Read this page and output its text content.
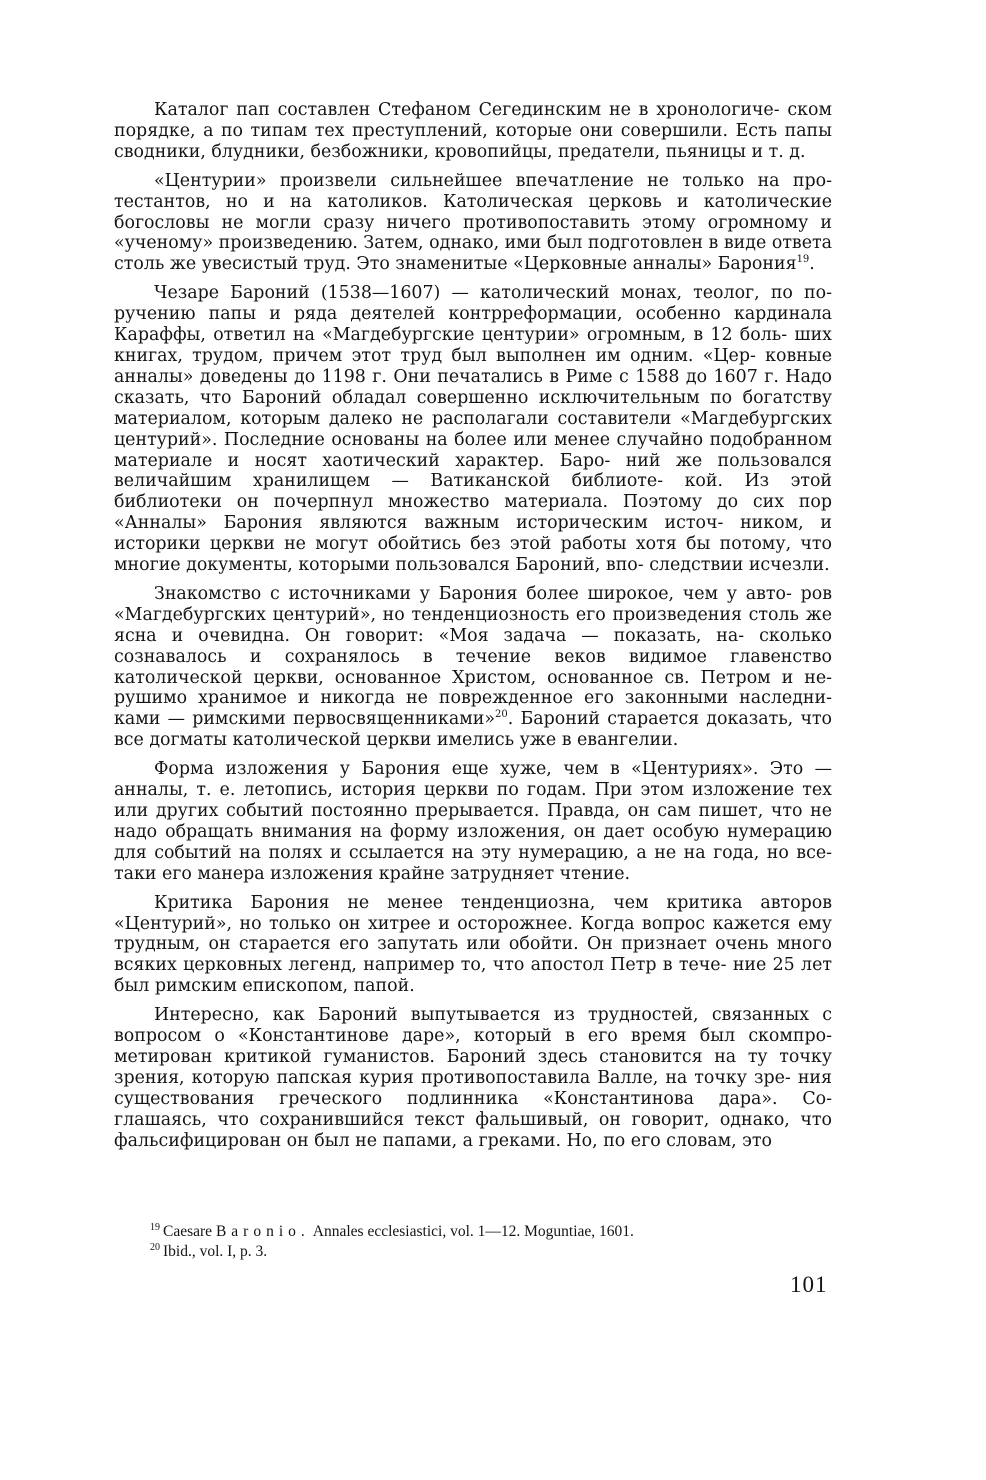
Каталог пап составлен Стефаном Сегединским не в хронологиче- ском порядке, а по типам тех преступлений, которые они совершили. Есть папы сводники, блудники, безбожники, кровопийцы, предатели, пьяницы и т. д.

«Центурии» произвели сильнейшее впечатление не только на про- тестантов, но и на католиков. Католическая церковь и католические богословы не могли сразу ничего противопоставить этому огромному и «ученому» произведению. Затем, однако, ими был подготовлен в виде ответа столь же увесистый труд. Это знаменитые «Церковные анналы» Барония$^{19}$.

Чезаре Бароний (1538—1607) — католический монах, теолог, по по- ручению папы и ряда деятелей контрреформации, особенно кардинала Караффы, ответил на «Магдебургские центурии» огромным, в 12 боль- ших книгах, трудом, причем этот труд был выполнен им одним. «Цер- ковные анналы» доведены до 1198 г. Они печатались в Риме с 1588 до 1607 г. Надо сказать, что Бароний обладал совершенно исключительным по богатству материалом, которым далеко не располагали составители «Магдебургских центурий». Последние основаны на более или менее случайно подобранном материале и носят хаотический характер. Баро- ний же пользовался величайшим хранилищем — Ватиканской библиоте- кой. Из этой библиотеки он почерпнул множество материала. Поэтому до сих пор «Анналы» Барония являются важным историческим источ- ником, и историки церкви не могут обойтись без этой работы хотя бы потому, что многие документы, которыми пользовался Бароний, впо- следствии исчезли.

Знакомство с источниками у Барония более широкое, чем у авто- ров «Магдебургских центурий», но тенденциозность его произведения столь же ясна и очевидна. Он говорит: «Моя задача — показать, на- сколько сознавалось и сохранялось в течение веков видимое главенство католической церкви, основанное Христом, основанное св. Петром и не- рушимо хранимое и никогда не поврежденное его законными наследни- ками — римскими первосвященниками»$^{20}$. Бароний старается доказать, что все догматы католической церкви имелись уже в евангелии.

Форма изложения у Барония еще хуже, чем в «Центуриях». Это — анналы, т. е. летопись, история церкви по годам. При этом изложение тех или других событий постоянно прерывается. Правда, он сам пишет, что не надо обращать внимания на форму изложения, он дает особую нумерацию для событий на полях и ссылается на эту нумерацию, а не на года, но все-таки его манера изложения крайне затрудняет чтение.

Критика Барония не менее тенденциозна, чем критика авторов «Центурий», но только он хитрее и осторожнее. Когда вопрос кажется ему трудным, он старается его запутать или обойти. Он признает очень много всяких церковных легенд, например то, что апостол Петр в тече- ние 25 лет был римским епископом, папой.

Интересно, как Бароний выпутывается из трудностей, связанных с вопросом о «Константинове даре», который в его время был скомпро- метирован критикой гуманистов. Бароний здесь становится на ту точку зрения, которую папская курия противопоставила Валле, на точку зре- ния существования греческого подлинника «Константинова дара». Со- глашаясь, что сохранившийся текст фальшивый, он говорит, однако, что фальсифицирован он был не папами, а греками. Но, по его словам, это

$^{19}$ Caesare Baronio. Annales ecclesiastici, vol. 1—12. Moguntiae, 1601.

$^{20}$ Ibid., vol. I, p. 3.

101
